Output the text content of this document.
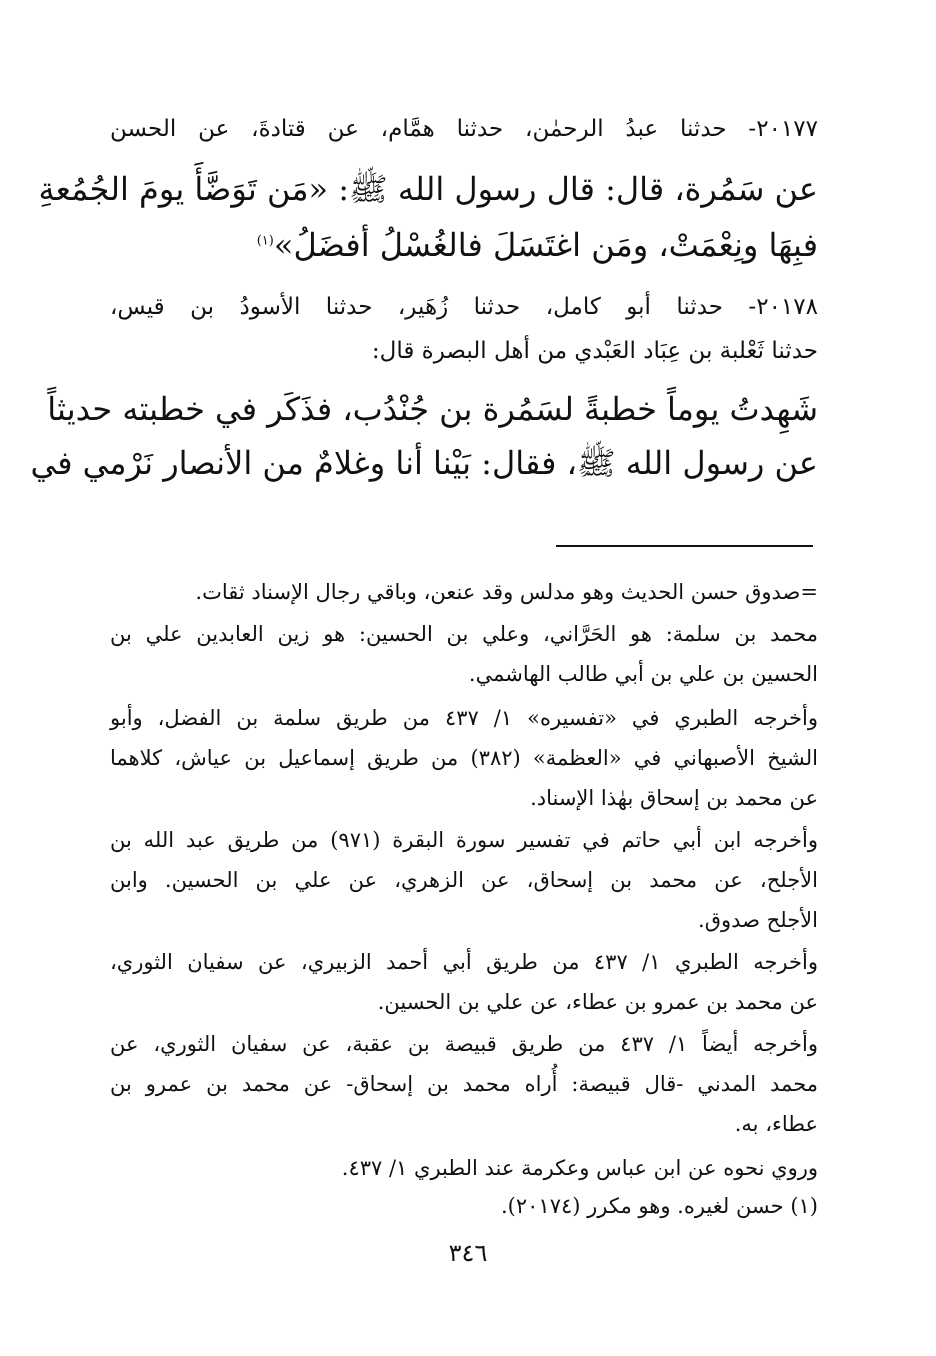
٢٠١٧٧- حدثنا عبدُ الرحمٰن، حدثنا همَّام، عن قتادةَ، عن الحسن
عن سَمُرة، قال: قال رسول الله ﷺ: «مَن تَوَضَّأَ يومَ الجُمُعةِ
فبِهَا ونِعْمَتْ، ومَن اغتَسَلَ فالغُسْلُ أفضَلُ»$^{(١)}$
٢٠١٧٨- حدثنا أبو كامل، حدثنا زُهَير، حدثنا الأسودُ بن قيس،
حدثنا ثَعْلبة بن عِبَاد العَبْدي من أهل البصرة قال:
شَهِدتُ يوماً خطبةً لسَمُرة بن جُنْدُب، فذَكَر في خطبته حديثاً
عن رسول الله ﷺ، فقال: بَيْنا أنا وغلامٌ من الأنصار نَرْمي في
=صدوق حسن الحديث وهو مدلس وقد عنعن، وباقي رجال الإسناد ثقات.
محمد بن سلمة: هو الحَرَّاني، وعلي بن الحسين: هو زين العابدين علي بن
الحسين بن علي بن أبي طالب الهاشمي.
وأخرجه الطبري في «تفسيره» ١/ ٤٣٧ من طريق سلمة بن الفضل، وأبو
الشيخ الأصبهاني في «العظمة» (٣٨٢) من طريق إسماعيل بن عياش، كلاهما
عن محمد بن إسحاق بهٰذا الإسناد.
وأخرجه ابن أبي حاتم في تفسير سورة البقرة (٩٧١) من طريق عبد الله بن
الأجلح، عن محمد بن إسحاق، عن الزهري، عن علي بن الحسين. وابن
الأجلح صدوق.
وأخرجه الطبري ١/ ٤٣٧ من طريق أبي أحمد الزبيري، عن سفيان الثوري،
عن محمد بن عمرو بن عطاء، عن علي بن الحسين.
وأخرجه أيضاً ١/ ٤٣٧ من طريق قبيصة بن عقبة، عن سفيان الثوري، عن
محمد المدني -قال قبيصة: أُراه محمد بن إسحاق- عن محمد بن عمرو بن
عطاء، به.
وروي نحوه عن ابن عباس وعكرمة عند الطبري ١/ ٤٣٧.
(١) حسن لغيره. وهو مكرر (٢٠١٧٤).
٣٤٦
